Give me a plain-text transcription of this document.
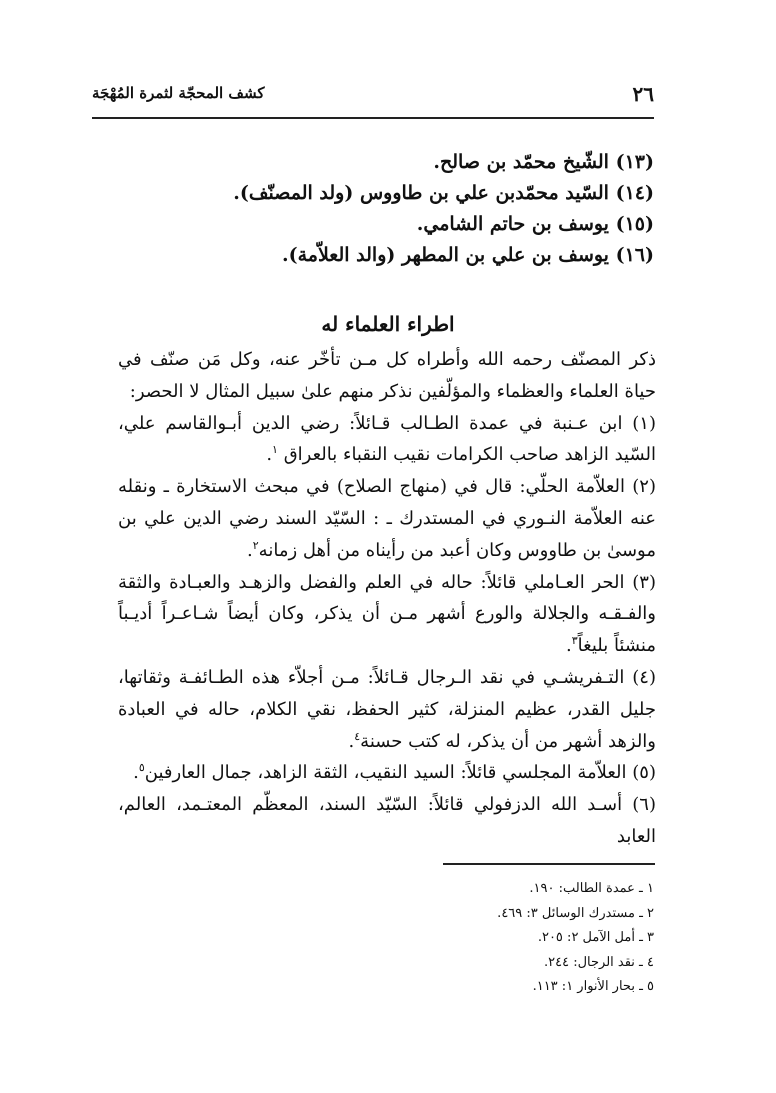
٢٦
كشف المحجّة لثمرة المُهْجَة
(١٣) الشّيخ محمّد بن صالح.
(١٤) السّيد محمّدبن علي بن طاووس (ولد المصنّف).
(١٥) يوسف بن حاتم الشامي.
(١٦) يوسف بن علي بن المطهر (والد العلاّمة).
اطراء العلماء له

ذكر المصنّف رحمه الله وأطراه كل مـن تأخّر عنه، وكل مَن صنّف في حياة العلماء والعظماء والمؤلّفين نذكر منهم علىٰ سبيل المثال لا الحصر:

(١) ابن عـنبة في عمدة الطـالب قـائلاً: رضي الدين أبـوالقاسم علي، السّيد الزاهد صاحب الكرامات نقيب النقباء بالعراق $^١$.

(٢) العلاّمة الحلّي: قال في (منهاج الصلاح) في مبحث الاستخارة ـ ونقله عنه العلاّمة النـوري في المستدرك ـ : السّيّد السند رضي الدين علي بن موسىٰ بن طاووس وكان أعبد من رأيناه من أهل زمانه$^٢$.

(٣) الحر العـاملي قائلاً: حاله في العلم والفضل والزهـد والعبـادة والثقة والفـقـه والجلالة والورع أشهر مـن أن يذكر، وكان أيضاً شـاعـراً أديـباً منشئاً بليغاً$^٣$.

(٤) التـفريشـي في نقد الـرجال قـائلاً: مـن أجلاّء هذه الطـائفـة وثقاتها، جليل القدر، عظيم المنزلة، كثير الحفظ، نقي الكلام، حاله في العبادة والزهد أشهر من أن يذكر، له كتب حسنة$^٤$.

(٥) العلاّمة المجلسي قائلاً: السيد النقيب، الثقة الزاهد، جمال العارفين$^٥$.

(٦) أسـد الله الدزفولي قائلاً: السّيّد السند، المعظّم المعتـمد، العالم، العابد

١ ـ عمدة الطالب: ١٩٠.
٢ ـ مستدرك الوسائل ٣: ٤٦٩.
٣ ـ أمل الآمل ٢: ٢٠٥.
٤ ـ نقد الرجال: ٢٤٤.
٥ ـ بحار الأنوار ١: ١١٣.
